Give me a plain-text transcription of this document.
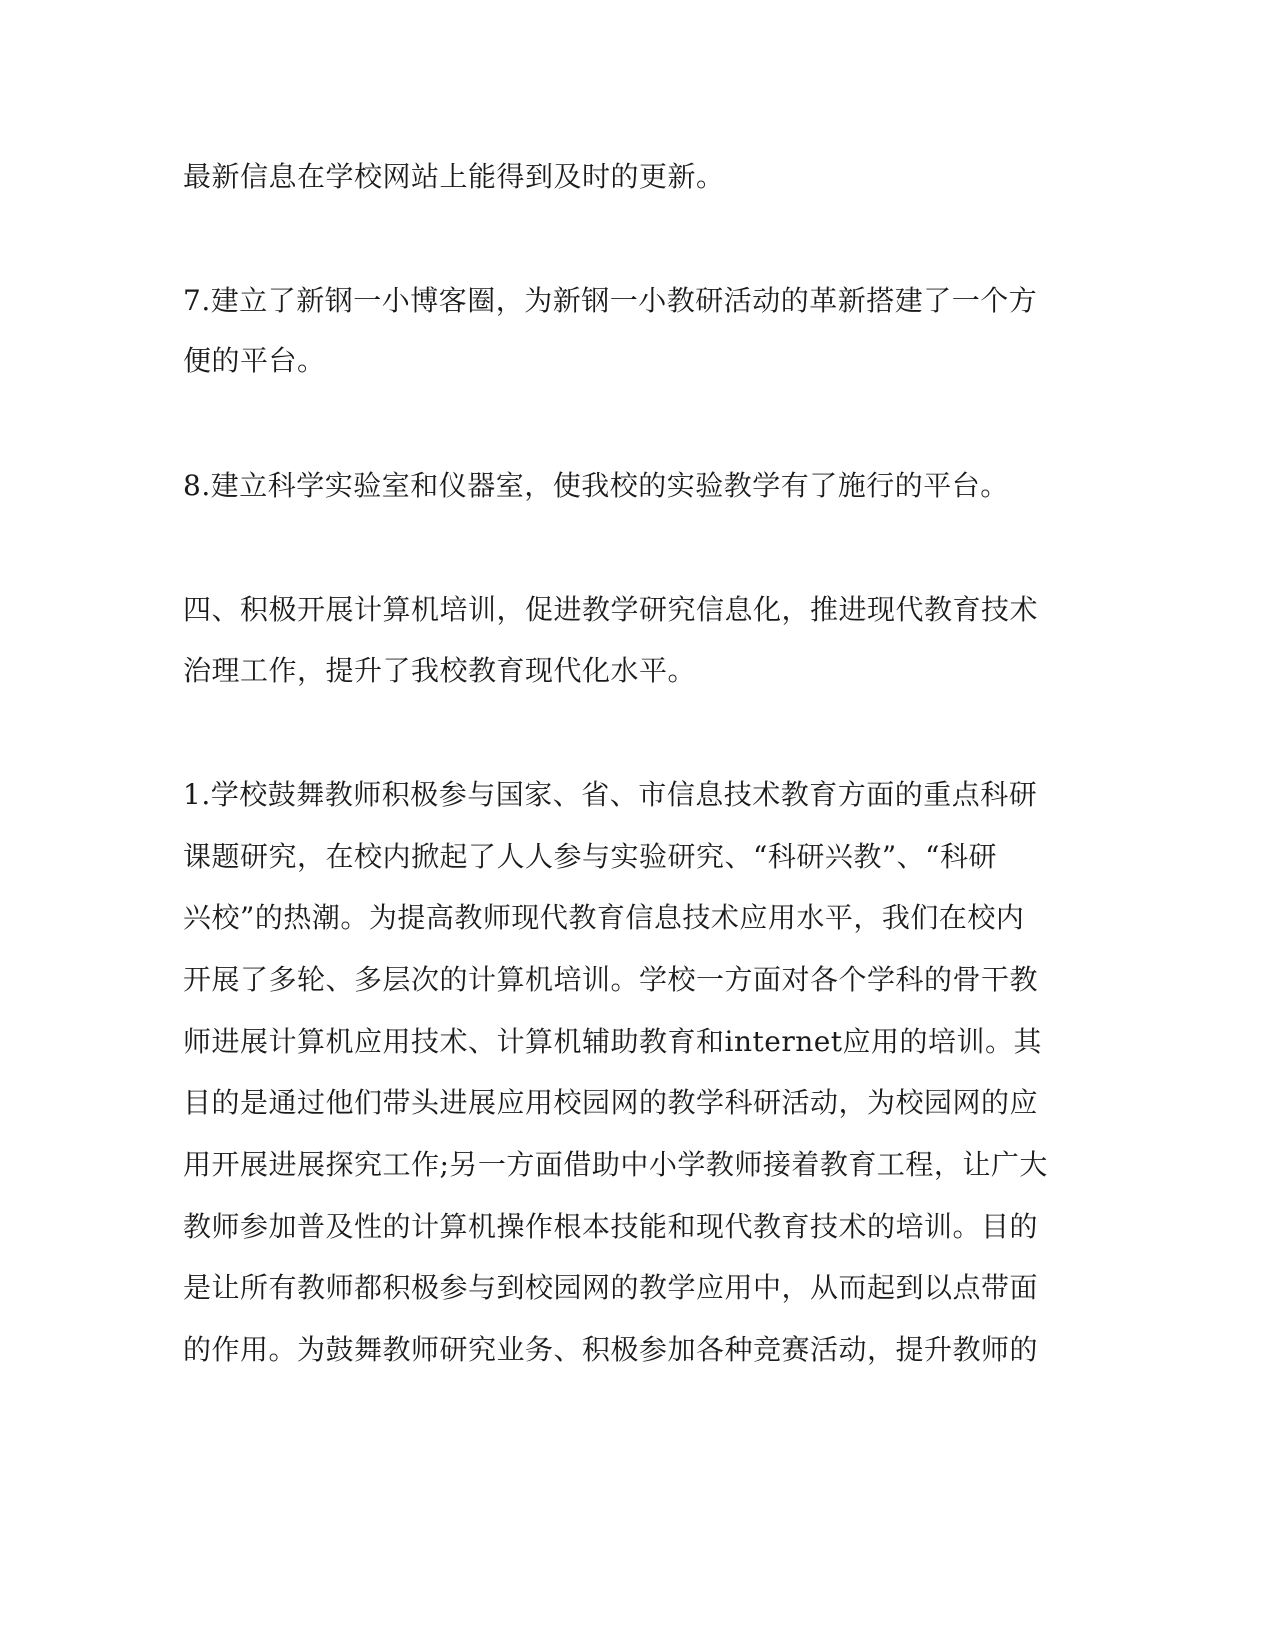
最新信息在学校网站上能得到及时的更新。
7.建立了新钢一小博客圈，为新钢一小教研活动的革新搭建了一个方
便的平台。
8.建立科学实验室和仪器室，使我校的实验教学有了施行的平台。
四、积极开展计算机培训，促进教学研究信息化，推进现代教育技术
治理工作，提升了我校教育现代化水平。
1.学校鼓舞教师积极参与国家、省、市信息技术教育方面的重点科研
课题研究，在校内掀起了人人参与实验研究、“科研兴教”、“科研
兴校”的热潮。为提高教师现代教育信息技术应用水平，我们在校内
开展了多轮、多层次的计算机培训。学校一方面对各个学科的骨干教
师进展计算机应用技术、计算机辅助教育和internet应用的培训。其
目的是通过他们带头进展应用校园网的教学科研活动，为校园网的应
用开展进展探究工作;另一方面借助中小学教师接着教育工程，让广大
教师参加普及性的计算机操作根本技能和现代教育技术的培训。目的
是让所有教师都积极参与到校园网的教学应用中，从而起到以点带面
的作用。为鼓舞教师研究业务、积极参加各种竞赛活动，提升教师的
